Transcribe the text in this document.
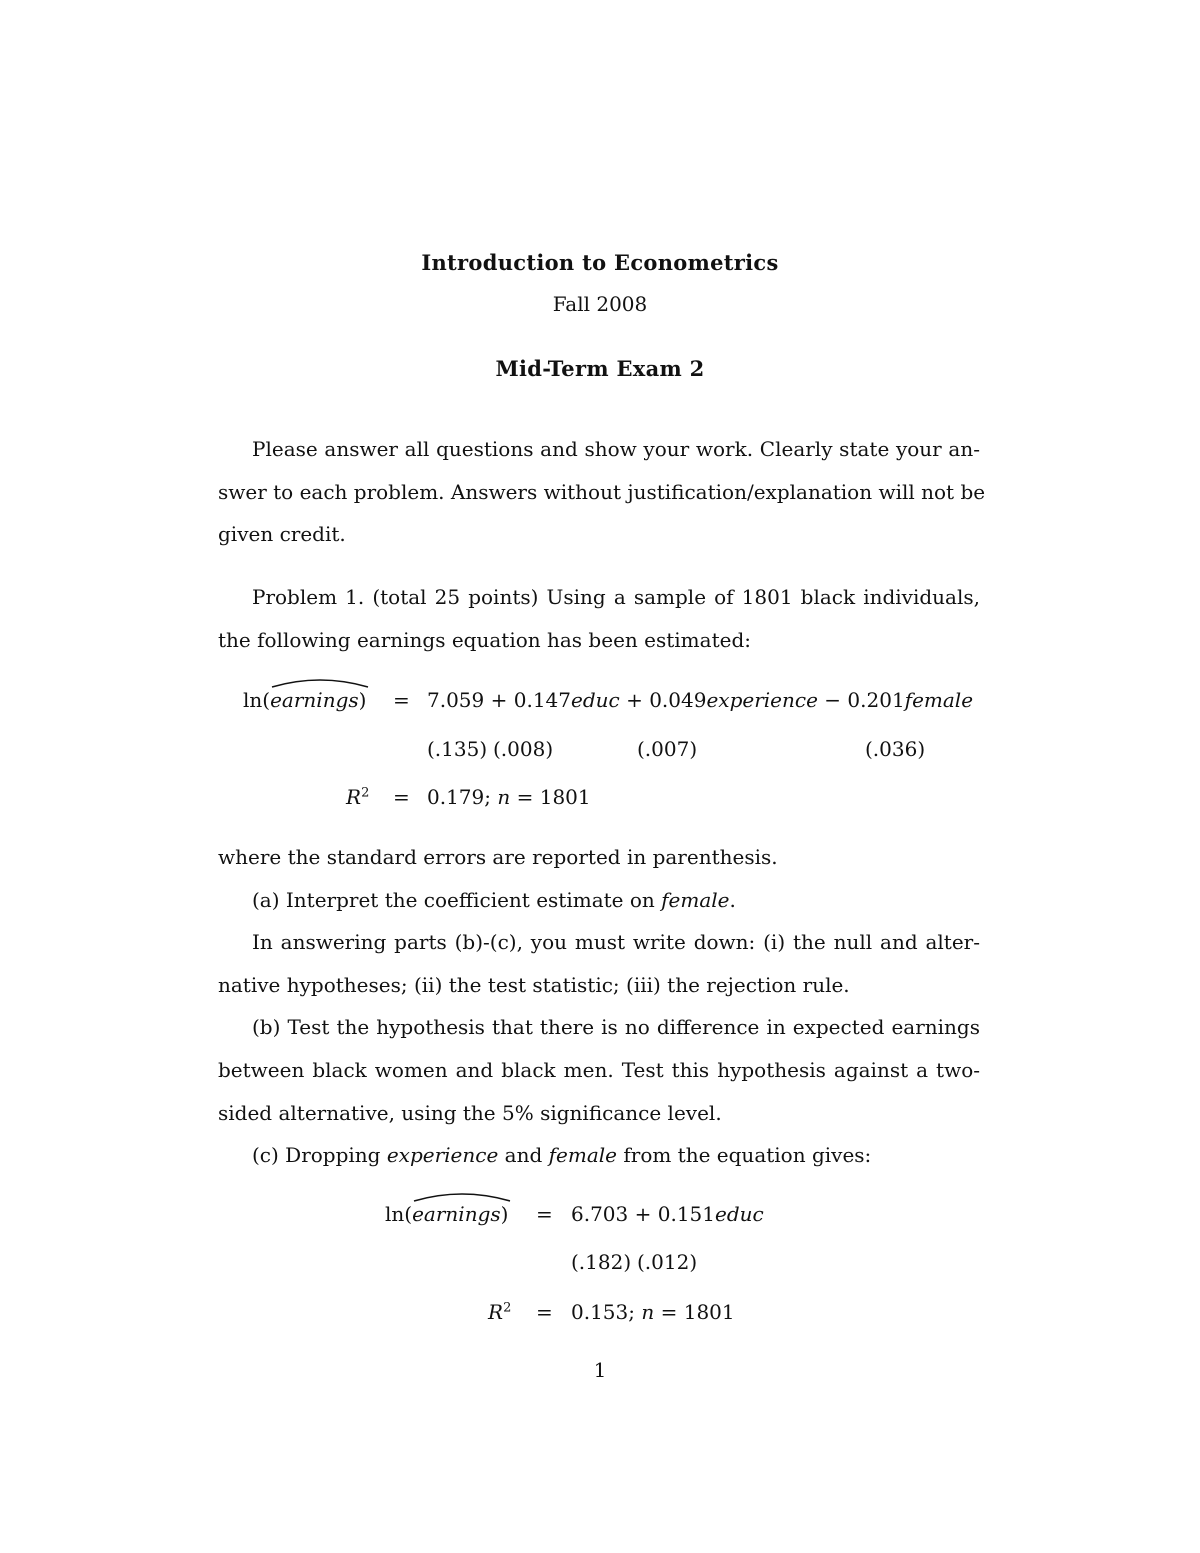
Introduction to Econometrics
Fall 2008
Mid-Term Exam 2
Please answer all questions and show your work. Clearly state your an-
swer to each problem. Answers without justification/explanation will not be
given credit.
Problem 1. (total 25 points) Using a sample of 1801 black individuals,
the following earnings equation has been estimated:
ln(
earnings) = 7.059 + 0.147educ + 0.049experience − 0.201female
(.135) (.008)	(.007)	(.036)
$R^2 = 0.179$; n = 1801
where the standard errors are reported in parenthesis.
(a) Interpret the coefficient estimate on female.
In answering parts (b)-(c), you must write down: (i) the null and alter-
native hypotheses; (ii) the test statistic; (iii) the rejection rule.
(b) Test the hypothesis that there is no difference in expected earnings
between black women and black men. Test this hypothesis against a two-
sided alternative, using the 5% significance level.
(c) Dropping experience and female from the equation gives:
ln(
earnings) = 6.703 + 0.151educ
(.182) (.012)
$R^2 = 0.153$; n = 1801
1
